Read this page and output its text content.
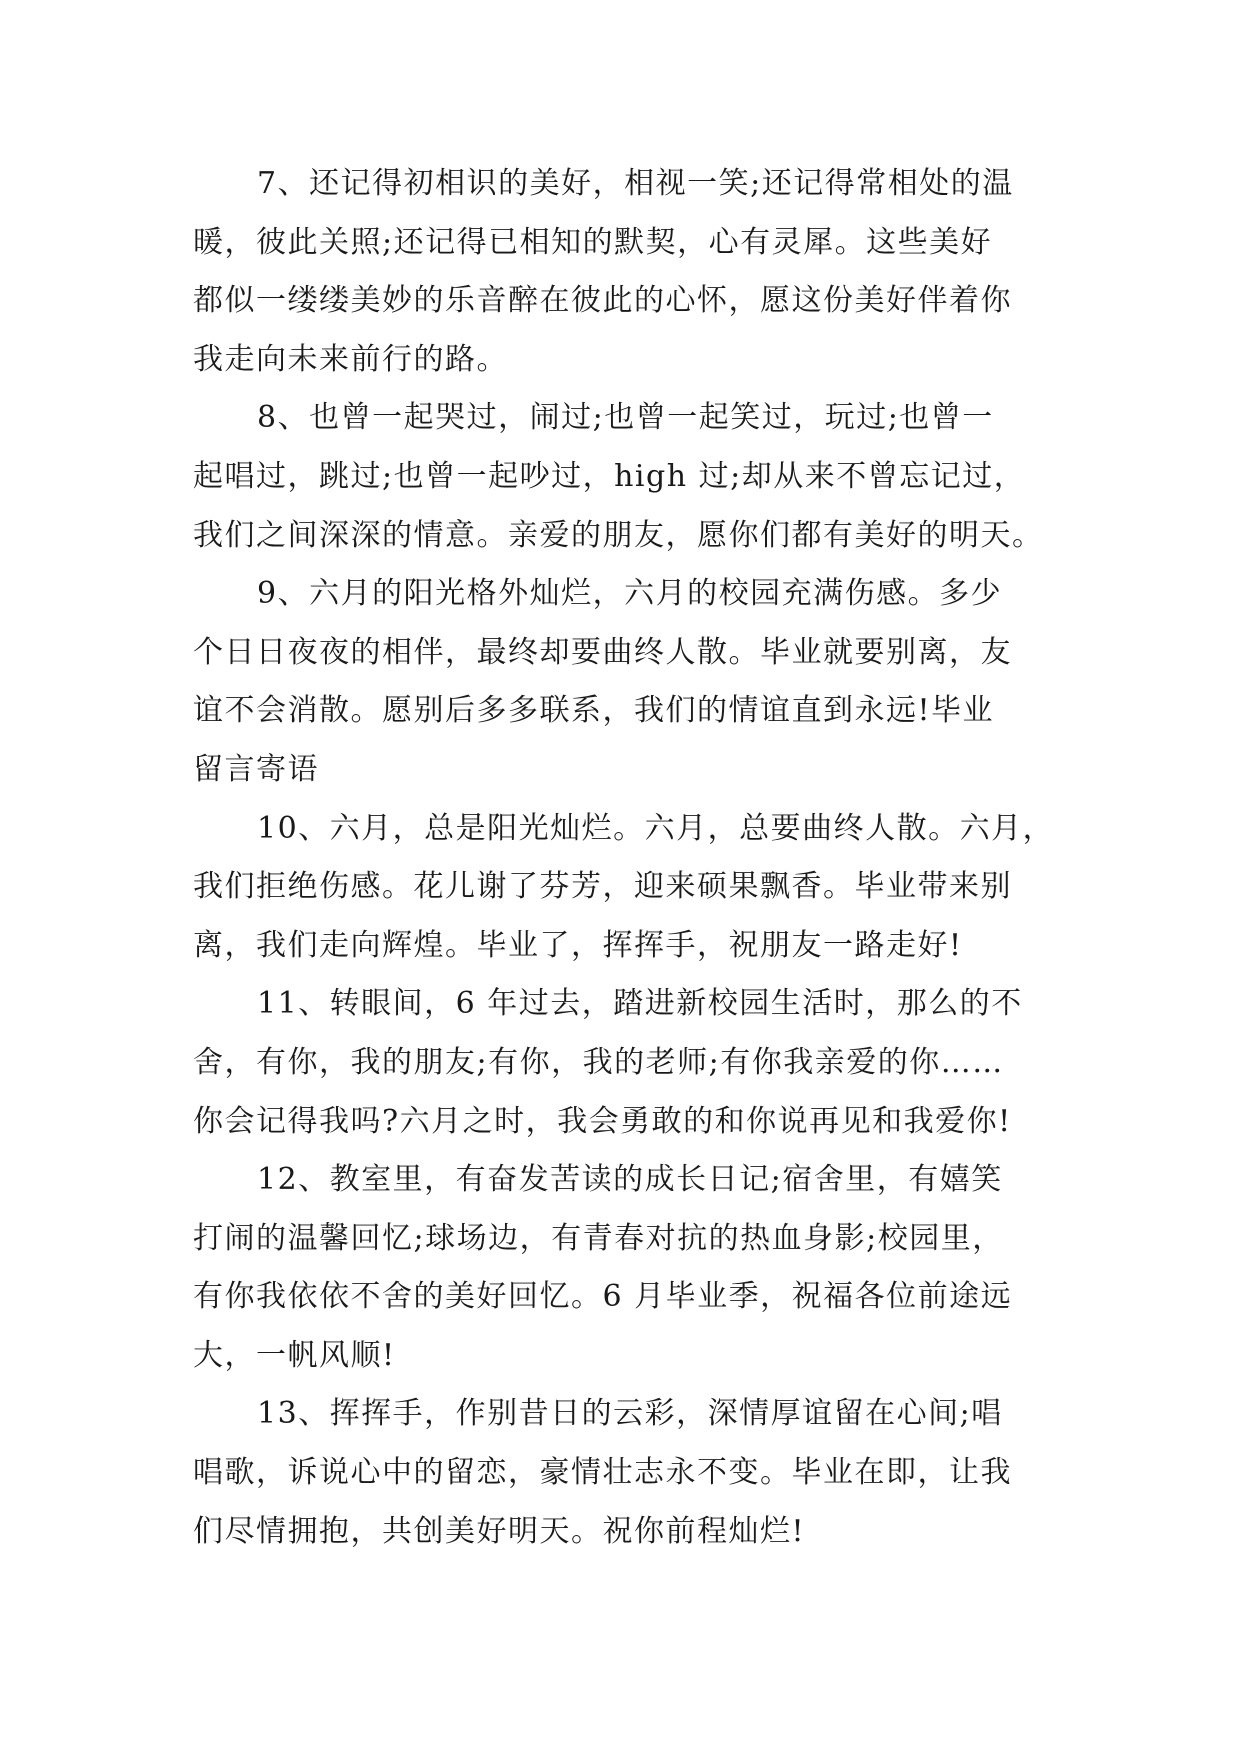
7、还记得初相识的美好，相视一笑;还记得常相处的温
暖，彼此关照;还记得已相知的默契，心有灵犀。这些美好
都似一缕缕美妙的乐音醉在彼此的心怀，愿这份美好伴着你
我走向未来前行的路。

8、也曾一起哭过，闹过;也曾一起笑过，玩过;也曾一
起唱过，跳过;也曾一起吵过，high 过;却从来不曾忘记过，
我们之间深深的情意。亲爱的朋友，愿你们都有美好的明天。

9、六月的阳光格外灿烂，六月的校园充满伤感。多少
个日日夜夜的相伴，最终却要曲终人散。毕业就要别离，友
谊不会消散。愿别后多多联系，我们的情谊直到永远!毕业
留言寄语

10、六月，总是阳光灿烂。六月，总要曲终人散。六月，
我们拒绝伤感。花儿谢了芬芳，迎来硕果飘香。毕业带来别
离，我们走向辉煌。毕业了，挥挥手，祝朋友一路走好!

11、转眼间，6 年过去，踏进新校园生活时，那么的不
舍，有你，我的朋友;有你，我的老师;有你我亲爱的你……
你会记得我吗?六月之时，我会勇敢的和你说再见和我爱你!

12、教室里，有奋发苦读的成长日记;宿舍里，有嬉笑
打闹的温馨回忆;球场边，有青春对抗的热血身影;校园里，
有你我依依不舍的美好回忆。6 月毕业季，祝福各位前途远
大，一帆风顺!

13、挥挥手，作别昔日的云彩，深情厚谊留在心间;唱
唱歌，诉说心中的留恋，豪情壮志永不变。毕业在即，让我
们尽情拥抱，共创美好明天。祝你前程灿烂!
